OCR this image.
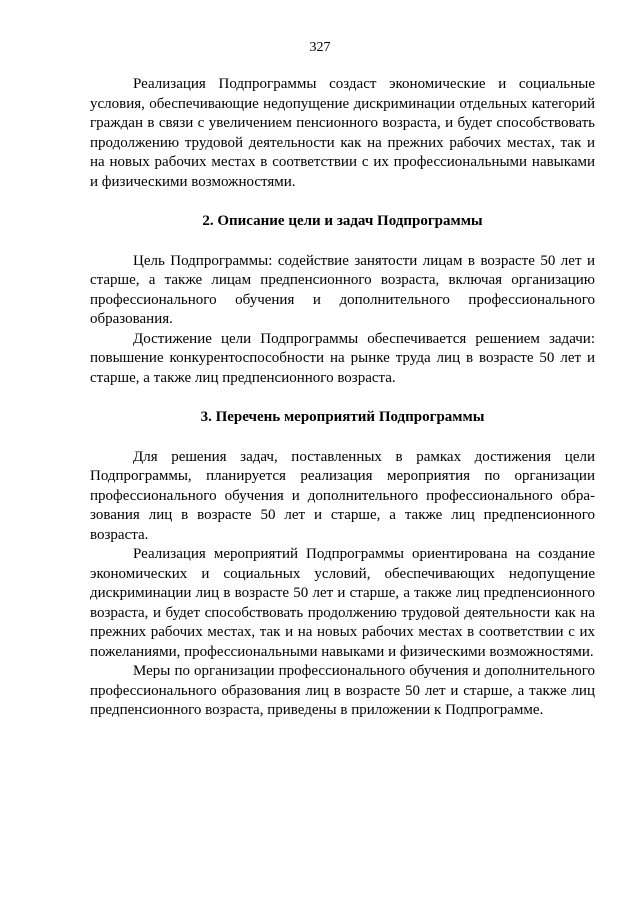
327

Реализация Подпрограммы создаст экономические и социальные условия, обеспечивающие недопущение дискриминации отдельных категорий граждан в связи с увеличением пенсионного возраста, и будет способствовать продолжению трудовой деятельности как на прежних рабочих местах, так и на новых рабочих местах в соответствии с их профессиональными навыками и физическими возможностями.

2. Описание цели и задач Подпрограммы

Цель Подпрограммы: содействие занятости лицам в возрасте 50 лет и старше, а также лицам предпенсионного возраста, включая организацию профессионального обучения и дополнительного профессионального образования.

Достижение цели Подпрограммы обеспечивается решением задачи: повышение конкурентоспособности на рынке труда лиц в возрасте 50 лет и старше, а также лиц предпенсионного возраста.

3. Перечень мероприятий Подпрограммы

Для решения задач, поставленных в рамках достижения цели Подпрограммы, планируется реализация мероприятия по организации профессионального обучения и дополнительного профессионального обра-зования лиц в возрасте 50 лет и старше, а также лиц предпенсионного возраста.

Реализация мероприятий Подпрограммы ориентирована на создание экономических и социальных условий, обеспечивающих недопущение дискриминации лиц в возрасте 50 лет и старше, а также лиц предпенсионного возраста, и будет способствовать продолжению трудовой деятельности как на прежних рабочих местах, так и на новых рабочих местах в соответствии с их пожеланиями, профессиональными навыками и физическими возможностями.

Меры по организации профессионального обучения и дополнительного профессионального образования лиц в возрасте 50 лет и старше, а также лиц предпенсионного возраста, приведены в приложении к Подпрограмме.
